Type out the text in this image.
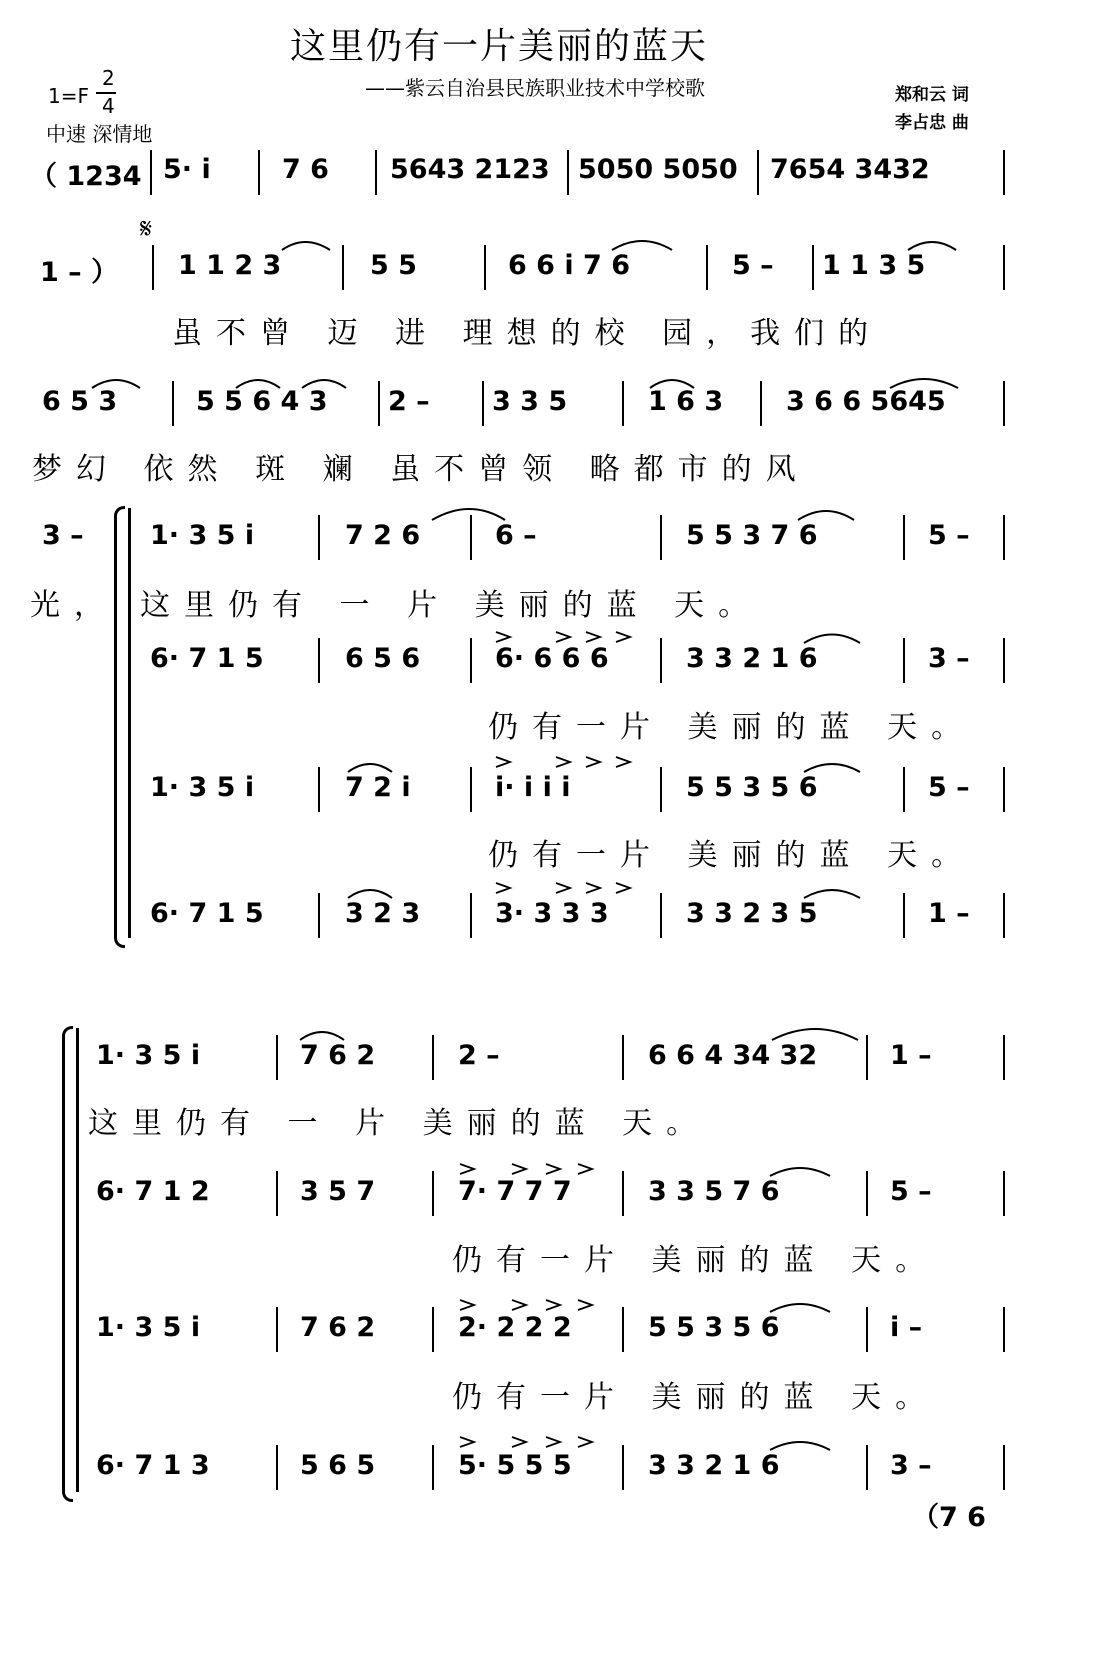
这里仍有一片美丽的蓝天
——紫云自治县民族职业技术中学校歌
1=F
2
4
中速 深情地
郑和云 词
李占忠 曲
（ 1234 5· i	7 6 5643 2123 5050 5050 7654 3432
𝄋
1 – ） 1 1 2 3	5 5	6 6 i 7 6	5 – 1 1 3 5
虽不曾 迈 进 理想的校 园，我们的
6 5 3	5 5 6 4 3 2 – 3 3 5	1 6 3 3 6 6 5645
梦幻 依然 斑 斓 虽不曾领 略都市的风
3 –
光，
1· 3 5 i	7 2 6	6 –	5 5 3 7 6	5 –
这里仍有 一 片 美丽的蓝 天。
6· 7 1 5	6 5 6	6· 6 6 6	3 3 2 1 6	3 –
仍有一片 美丽的蓝 天。
1· 3 5 i	7 2 i	i· i i i	5 5 3 5 6	5 –
仍有一片 美丽的蓝 天。
6· 7 1 5	3 2 3	3· 3 3 3	3 3 2 3 5	1 –
1· 3 5 i	7 6 2	2 –	6 6 4 34 32	1 –
这里仍有 一 片 美丽的蓝 天。
6· 7 1 2	3 5 7	7· 7 7 7	3 3 5 7 6	5 –
仍有一片 美丽的蓝 天。
1· 3 5 i	7 6 2	2· 2 2 2	5 5 3 5 6	i –
仍有一片 美丽的蓝 天。
6· 7 1 3	5 6 5	5· 5 5 5	3 3 2 1 6	3 –
（7 6
